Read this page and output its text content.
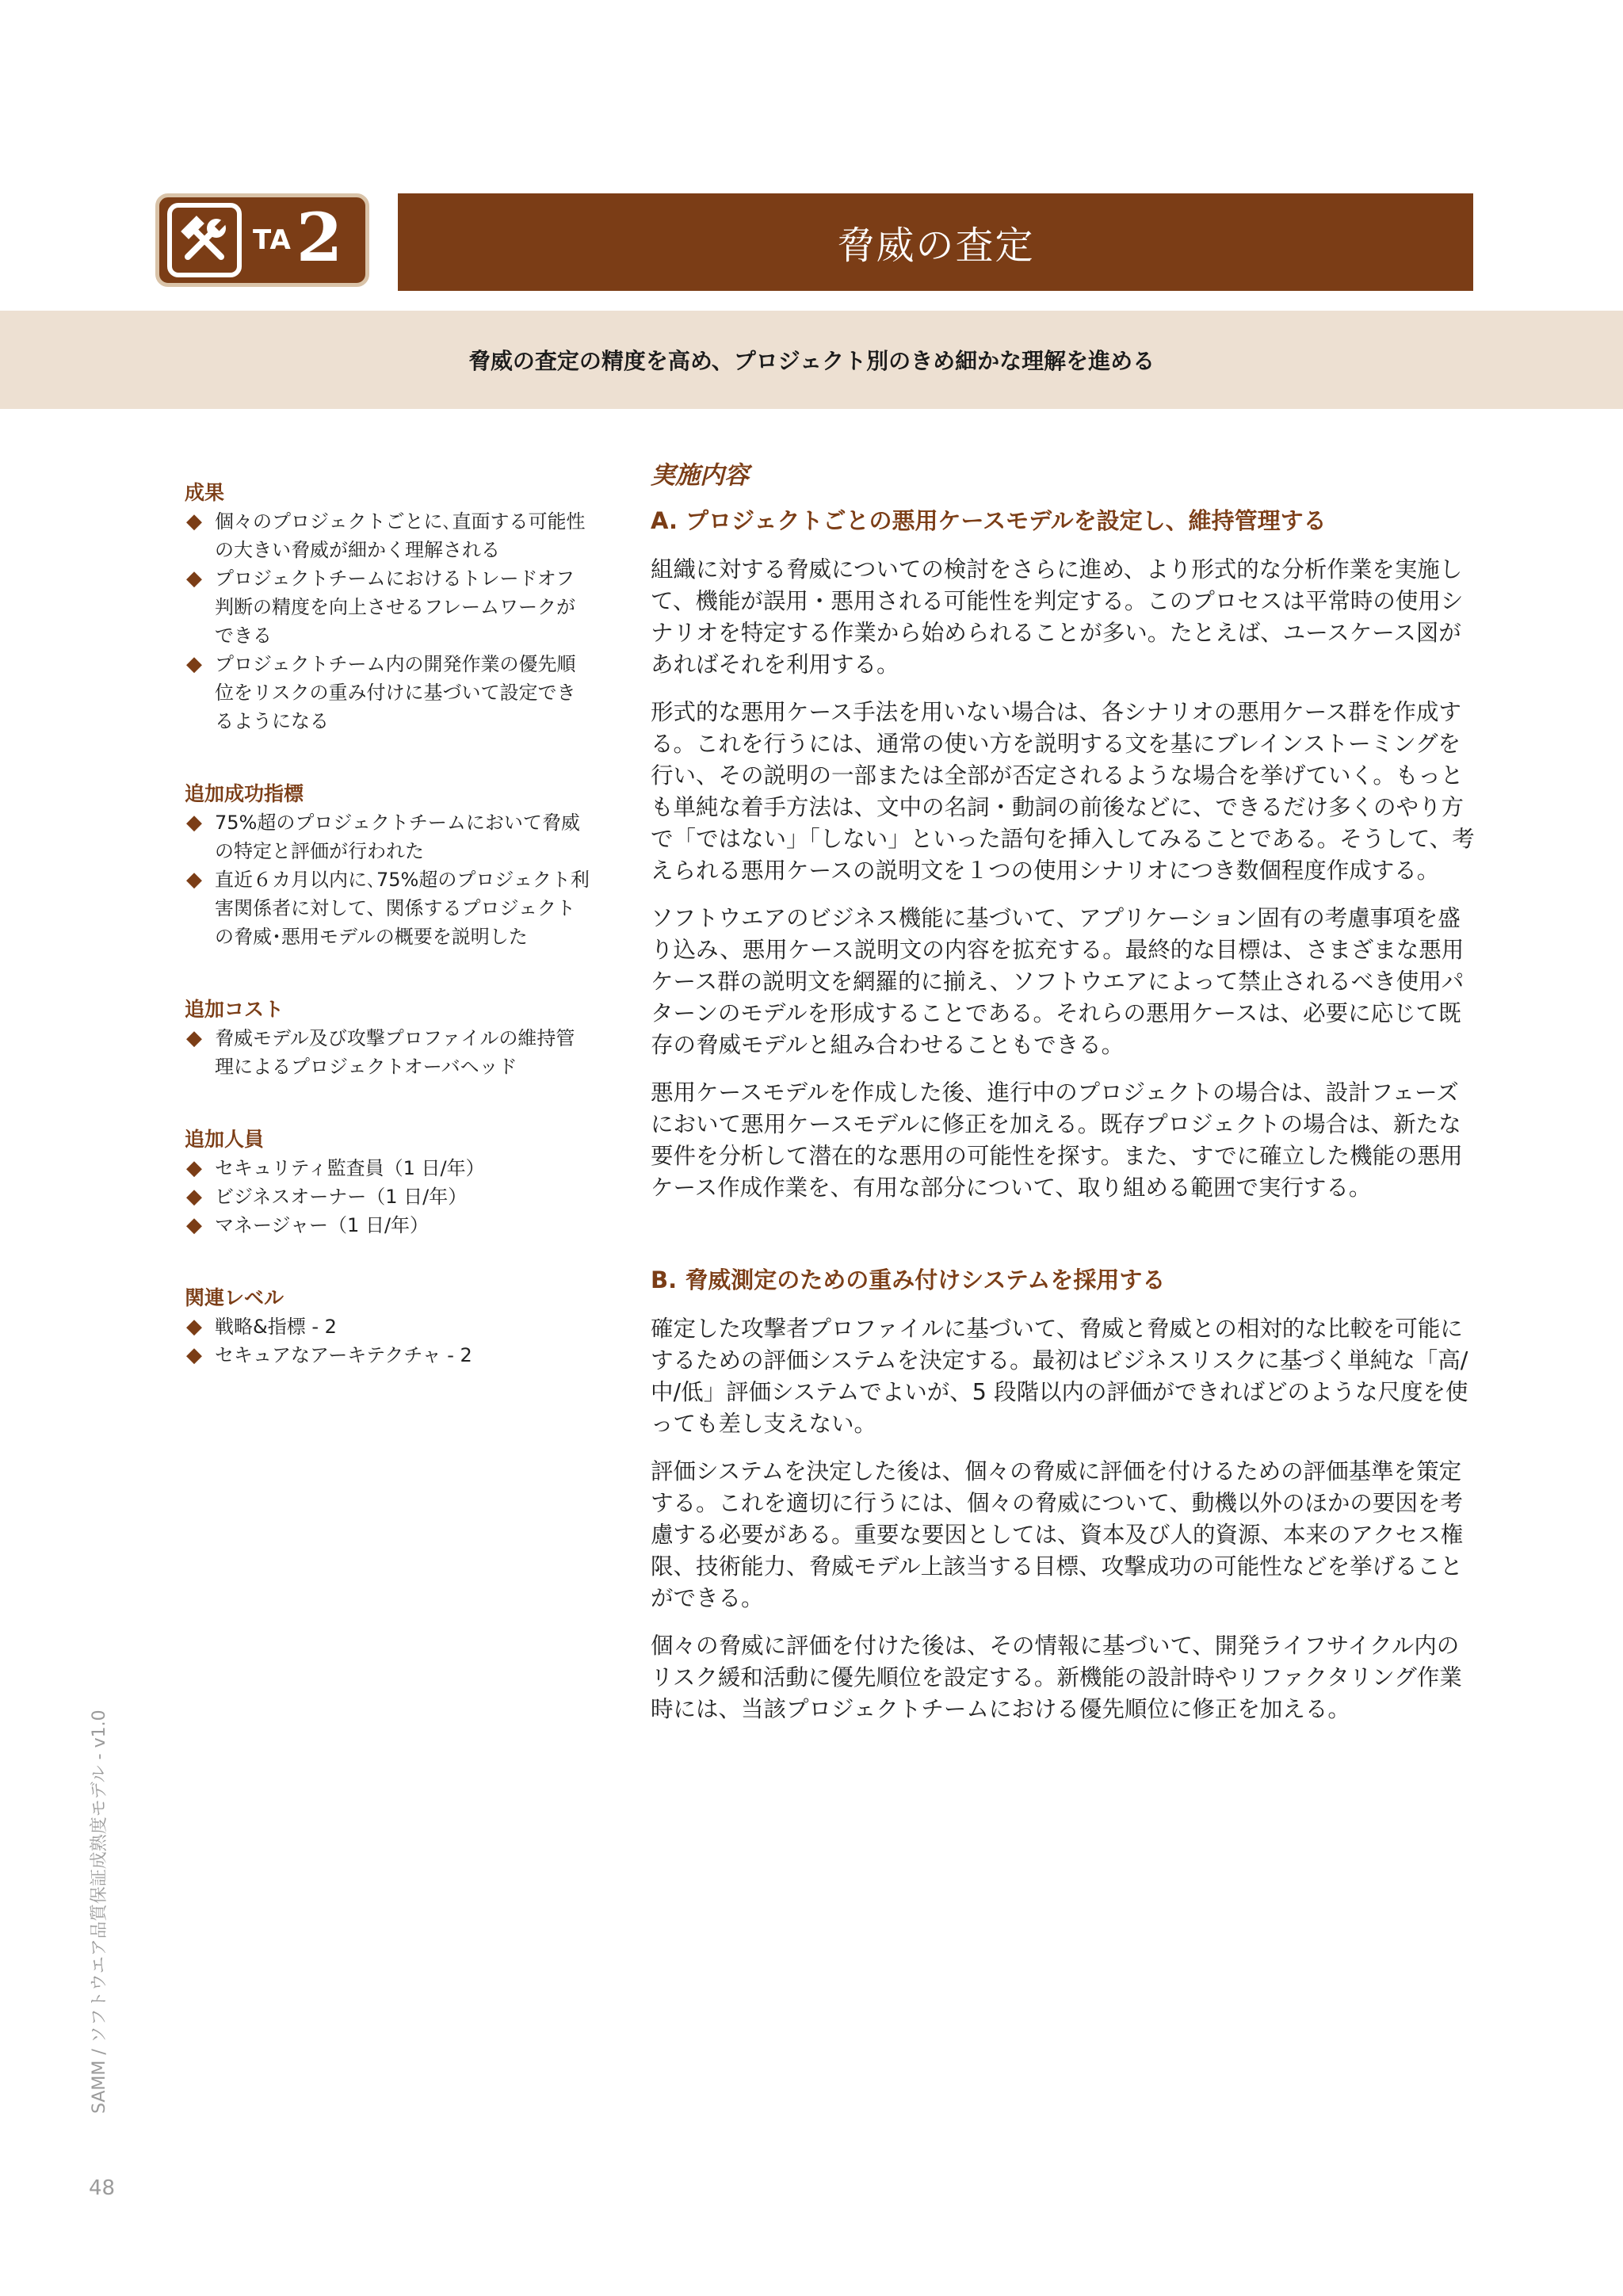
TA 2	脅威の査定
脅威の査定の精度を高め、プロジェクト別のきめ細かな理解を進める
成果
◆ 個々のプロジェクトごとに､直面する可能性の大きい脅威が細かく理解される
◆ プロジェクトチームにおけるトレードオフ判断の精度を向上させるフレームワークができる
◆ プロジェクトチーム内の開発作業の優先順位をリスクの重み付けに基づいて設定できるようになる
追加成功指標
◆ 75%超のプロジェクトチームにおいて脅威の特定と評価が行われた
◆ 直近６カ月以内に､75%超のプロジェクト利害関係者に対して、関係するプロジェクトの脅威･悪用モデルの概要を説明した
追加コスト
◆ 脅威モデル及び攻撃プロファイルの維持管理によるプロジェクトオーバヘッド
追加人員
◆ セキュリティ監査員（1 日/年）
◆ ビジネスオーナー（1 日/年）
◆ マネージャー（1 日/年）
関連レベル
◆ 戦略&指標 - 2
◆ セキュアなアーキテクチャ - 2
実施内容
A. プロジェクトごとの悪用ケースモデルを設定し、維持管理する

組織に対する脅威についての検討をさらに進め、より形式的な分析作業を実施して、機能が誤用・悪用される可能性を判定する。このプロセスは平常時の使用シナリオを特定する作業から始められることが多い。たとえば、ユースケース図があればそれを利用する。

形式的な悪用ケース手法を用いない場合は、各シナリオの悪用ケース群を作成する。これを行うには、通常の使い方を説明する文を基にブレインストーミングを行い、その説明の一部または全部が否定されるような場合を挙げていく。もっとも単純な着手方法は、文中の名詞・動詞の前後などに、できるだけ多くのやり方で「ではない」「しない」といった語句を挿入してみることである。そうして、考えられる悪用ケースの説明文を１つの使用シナリオにつき数個程度作成する。

ソフトウエアのビジネス機能に基づいて、アプリケーション固有の考慮事項を盛り込み、悪用ケース説明文の内容を拡充する。最終的な目標は、さまざまな悪用ケース群の説明文を網羅的に揃え、ソフトウエアによって禁止されるべき使用パターンのモデルを形成することである。それらの悪用ケースは、必要に応じて既存の脅威モデルと組み合わせることもできる。

悪用ケースモデルを作成した後、進行中のプロジェクトの場合は、設計フェーズにおいて悪用ケースモデルに修正を加える。既存プロジェクトの場合は、新たな要件を分析して潜在的な悪用の可能性を探す。また、すでに確立した機能の悪用ケース作成作業を、有用な部分について、取り組める範囲で実行する。

B. 脅威測定のための重み付けシステムを採用する

確定した攻撃者プロファイルに基づいて、脅威と脅威との相対的な比較を可能にするための評価システムを決定する。最初はビジネスリスクに基づく単純な「高/中/低」評価システムでよいが、5 段階以内の評価ができればどのような尺度を使っても差し支えない。

評価システムを決定した後は、個々の脅威に評価を付けるための評価基準を策定する。これを適切に行うには、個々の脅威について、動機以外のほかの要因を考慮する必要がある。重要な要因としては、資本及び人的資源、本来のアクセス権限、技術能力、脅威モデル上該当する目標、攻撃成功の可能性などを挙げることができる。

個々の脅威に評価を付けた後は、その情報に基づいて、開発ライフサイクル内のリスク緩和活動に優先順位を設定する。新機能の設計時やリファクタリング作業時には、当該プロジェクトチームにおける優先順位に修正を加える。

SAMM / ソフトウエア品質保証成熟度モデル - v1.0
48
